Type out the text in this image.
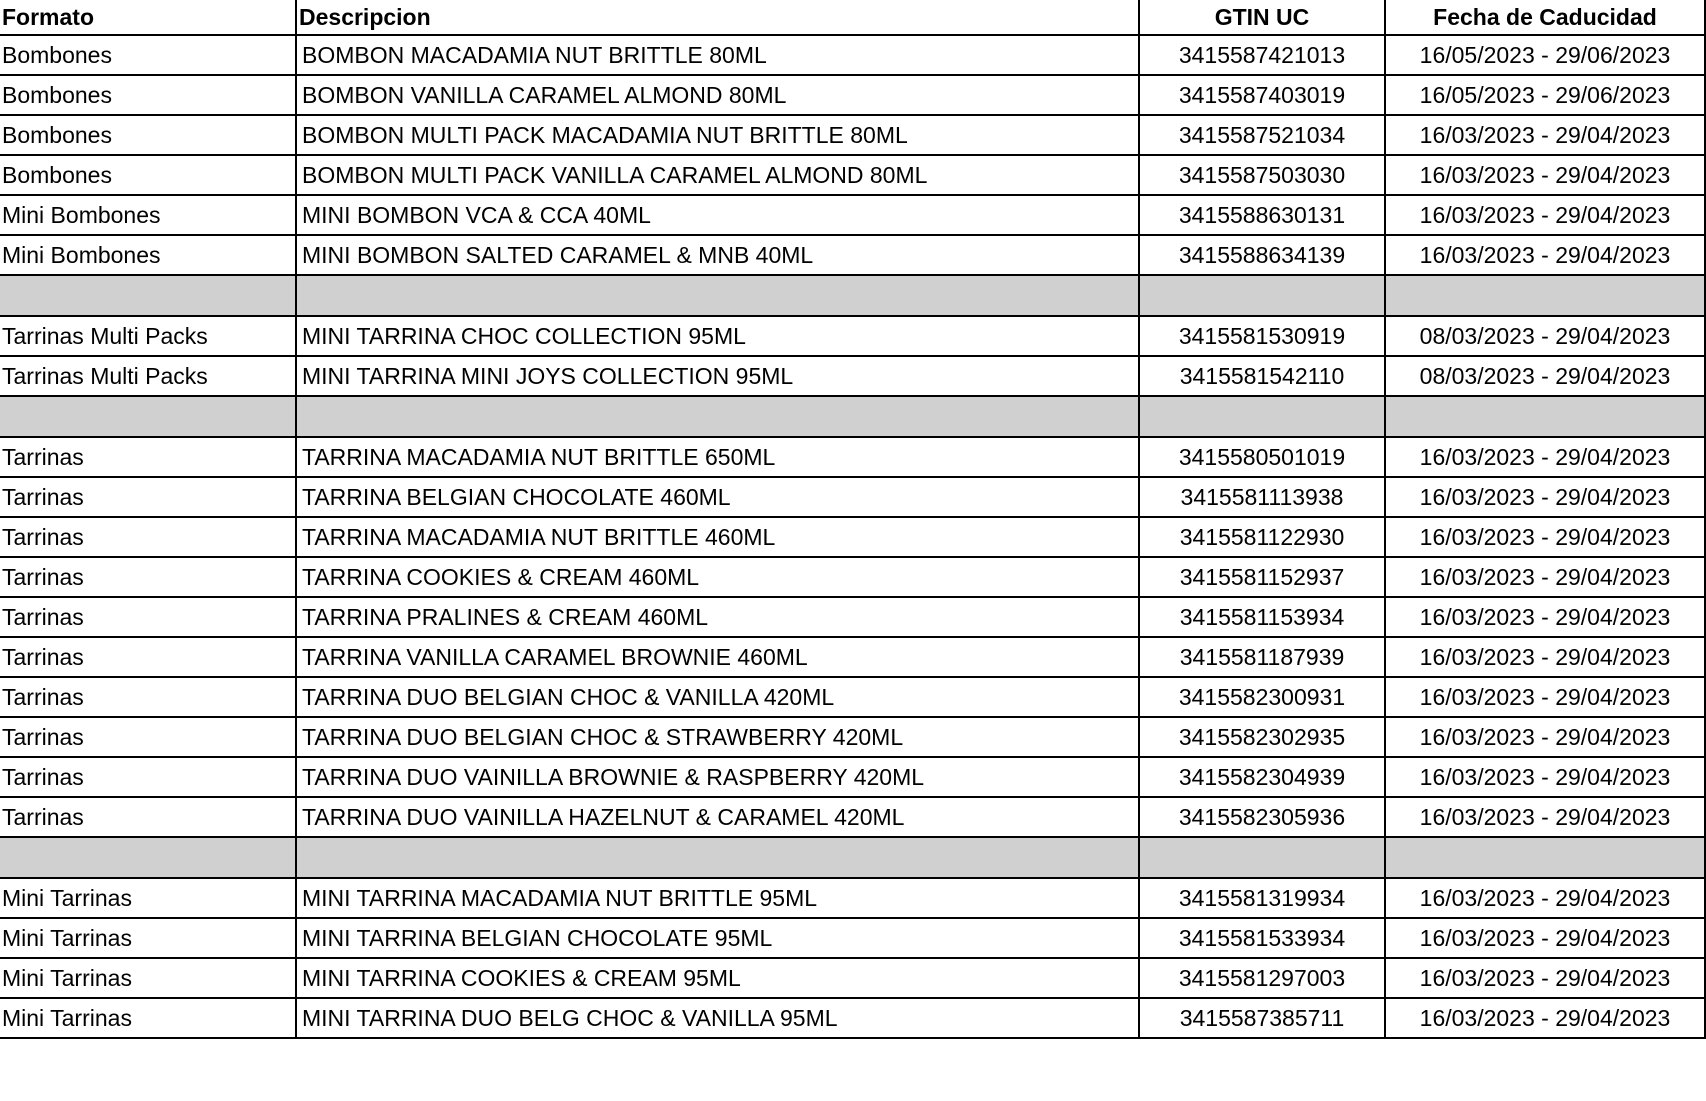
Formato	Descripcion	GTIN UC	Fecha de Caducidad
Bombones	BOMBON MACADAMIA NUT BRITTLE 80ML	3415587421013	16/05/2023 - 29/06/2023
Bombones	BOMBON VANILLA CARAMEL ALMOND 80ML	3415587403019	16/05/2023 - 29/06/2023
Bombones	BOMBON MULTI PACK MACADAMIA NUT BRITTLE 80ML	3415587521034	16/03/2023 - 29/04/2023
Bombones	BOMBON MULTI PACK VANILLA CARAMEL ALMOND 80ML	3415587503030	16/03/2023 - 29/04/2023
Mini Bombones	MINI BOMBON VCA & CCA 40ML	3415588630131	16/03/2023 - 29/04/2023
Mini Bombones	MINI BOMBON SALTED CARAMEL & MNB 40ML	3415588634139	16/03/2023 - 29/04/2023

Tarrinas Multi Packs	MINI TARRINA CHOC COLLECTION 95ML	3415581530919	08/03/2023 - 29/04/2023
Tarrinas Multi Packs	MINI TARRINA MINI JOYS COLLECTION 95ML	3415581542110	08/03/2023 - 29/04/2023

Tarrinas	TARRINA MACADAMIA NUT BRITTLE 650ML	3415580501019	16/03/2023 - 29/04/2023
Tarrinas	TARRINA BELGIAN CHOCOLATE 460ML	3415581113938	16/03/2023 - 29/04/2023
Tarrinas	TARRINA MACADAMIA NUT BRITTLE 460ML	3415581122930	16/03/2023 - 29/04/2023
Tarrinas	TARRINA COOKIES & CREAM 460ML	3415581152937	16/03/2023 - 29/04/2023
Tarrinas	TARRINA PRALINES & CREAM 460ML	3415581153934	16/03/2023 - 29/04/2023
Tarrinas	TARRINA VANILLA CARAMEL BROWNIE 460ML	3415581187939	16/03/2023 - 29/04/2023
Tarrinas	TARRINA DUO BELGIAN CHOC & VANILLA 420ML	3415582300931	16/03/2023 - 29/04/2023
Tarrinas	TARRINA DUO BELGIAN CHOC & STRAWBERRY 420ML	3415582302935	16/03/2023 - 29/04/2023
Tarrinas	TARRINA DUO VAINILLA BROWNIE & RASPBERRY 420ML	3415582304939	16/03/2023 - 29/04/2023
Tarrinas	TARRINA DUO VAINILLA HAZELNUT & CARAMEL 420ML	3415582305936	16/03/2023 - 29/04/2023

Mini Tarrinas	MINI TARRINA MACADAMIA NUT BRITTLE 95ML	3415581319934	16/03/2023 - 29/04/2023
Mini Tarrinas	MINI TARRINA BELGIAN CHOCOLATE 95ML	3415581533934	16/03/2023 - 29/04/2023
Mini Tarrinas	MINI TARRINA COOKIES & CREAM 95ML	3415581297003	16/03/2023 - 29/04/2023
Mini Tarrinas	MINI TARRINA DUO BELG CHOC & VANILLA 95ML	3415587385711	16/03/2023 - 29/04/2023
